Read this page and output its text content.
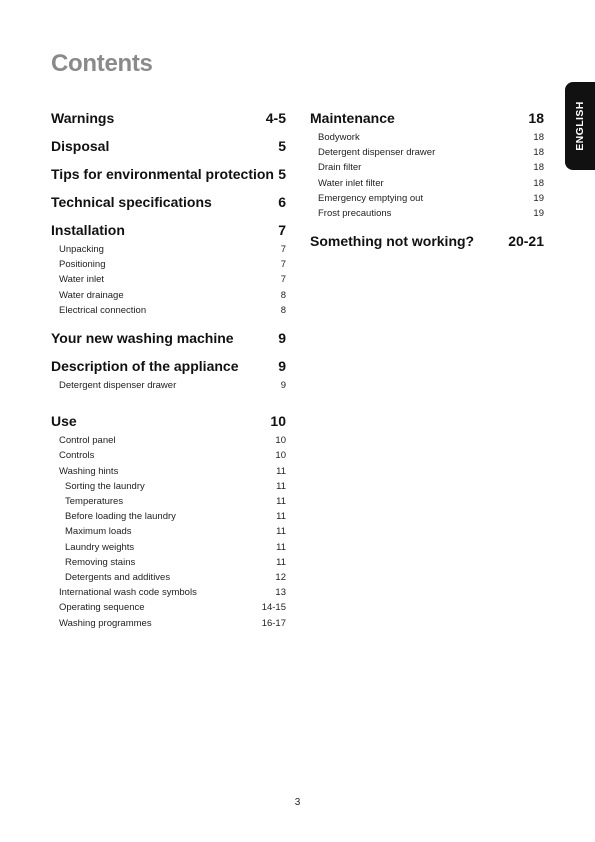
Contents
ENGLISH
Warnings	4-5
Disposal	5
Tips for environmental protection 5
Technical specifications	6
Installation	7
Unpacking	7
Positioning	7
Water inlet	7
Water drainage	8
Electrical connection	8
Your new washing machine	9
Description of the appliance	9
Detergent dispenser drawer	9
Use	10
Control panel	10
Controls	10
Washing hints	11
Sorting the laundry	11
Temperatures	11
Before loading the laundry	11
Maximum loads	11
Laundry weights	11
Removing stains	11
Detergents and additives	12
International wash code symbols	13
Operating sequence	14-15
Washing programmes	16-17
Maintenance	18
Bodywork	18
Detergent dispenser drawer	18
Drain filter	18
Water inlet filter	18
Emergency emptying out	19
Frost precautions	19
Something not working? 20-21
3
